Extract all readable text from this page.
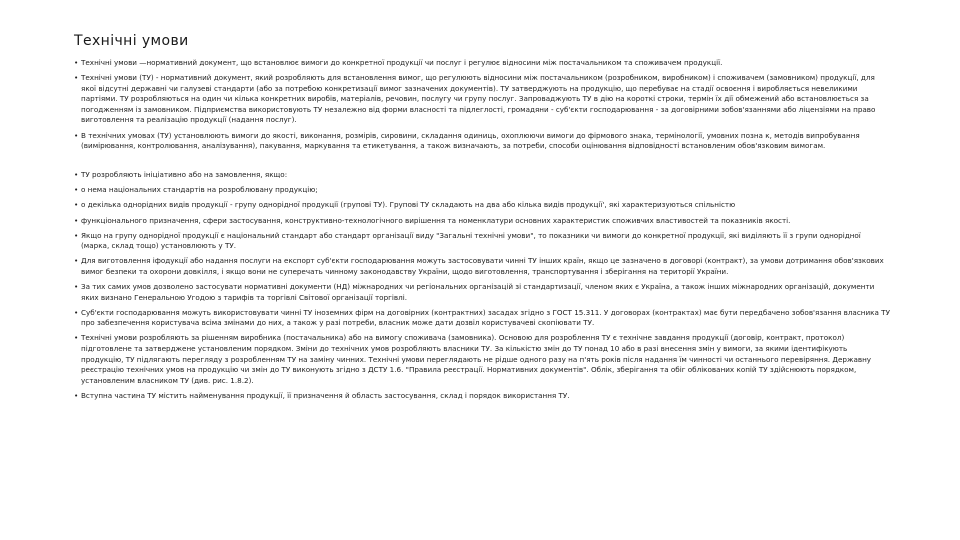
Технічні умови
• Технічні умови —нормативний документ, що встановлює вимоги до конкретної продукції чи послуг і регулює відносини між постачальником та споживачем продукції.
• Технічні умови (ТУ) - нормативний документ, який розробляють для встановлення вимог, що регулюють відносини між постачальником (розробником, виробником) і споживачем (замовником) продукції, для якої відсутні державні чи галузеві стандарти (або за потребою конкретизації вимог зазначених документів). ТУ затверджують на продукцію, що перебуває на стадії освоєння і виробляється невеликими партіями. ТУ розробляються на один чи кілька конкретних виробів, матеріалів, речовин, послугу чи групу послуг. Запроваджують ТУ в дію на короткі строки, термін їх дії обмежений або встановлюється за погодженням із замовником. Підприємства використовують ТУ незалежно від форми власності та підлеглості, громадяни - суб'єкти господарювання - за договірними зобов'язаннями або ліцензіями на право виготовлення та реалізацію продукції (надання послуг).
• В технічних умовах (ТУ) установлюють вимоги до якості, виконання, розмірів, сировини, складання одиниць, охоплюючи вимоги до фірмового знака, термінології, умовних позна к, методів випробування (вимірювання, контролювання, аналізування), пакування, маркування та етикетування, а також визначають, за потреби, способи оцінювання відповідності встановленим обов'язковим вимогам.
• ТУ розробляють ініціативно або на замовлення, якщо:
• о нема національних стандартів на розроблювану продукцію;
• о декілька однорідних видів продукції - групу однорідної продукції (групові ТУ). Групові ТУ складають на два або кілька видів продукції', які характеризуються спільністю
• функціонального призначення, сфери застосування, конструктивно-технологічного вирішення та номенклатури основних характеристик споживчих властивостей та показників якості.
• Якщо на групу однорідної продукції є національний стандарт або стандарт організації виду "Загальні технічні умови", то показники чи вимоги до конкретної продукції, які виділяють її з групи однорідної (марка, склад тощо) установлюють у ТУ.
• Для виготовлення іфодукції або надання послуги на експорт суб'єкти господарювання можуть застосовувати чинні ТУ інших країн, якщо це зазначено в договорі (контракт), за умови дотримання обов'язкових вимог безпеки та охорони довкілля, і якщо вони не суперечать чинному законодавству України, щодо виготовлення, транспортування і зберігання на території України.
• За тих самих умов дозволено застосувати нормативні документи (НД) міжнародних чи регіональних організацій зі стандартизації, членом яких є Україна, а також інших міжнародних організацій, документи яких визнано Генеральною Угодою з тарифів та торгівлі Світової організації торгівлі.
• Суб'єкти господарювання можуть використовувати чинні ТУ іноземних фірм на договірних (контрактних) засадах згідно з ГОСТ 15.311. У договорах (контрактах) має бути передбачено зобов'язання власника ТУ про забезпечення користувача всіма змінами до них, а також у разі потреби, власник може дати дозвіл користувачеві скопіювати ТУ.
• Технічні умови розробляють за рішенням виробника (постачальника) або на вимогу споживача (замовника). Основою для розроблення ТУ є технічне завдання продукції (договір, контракт, протокол) підготовлене та затверджене установленим порядком. Зміни до технічних умов розробляють власники ТУ. За кількістю змін до ТУ понад 10 або в разі внесення змін у вимоги, за якими ідентифікують продукцію, ТУ підлягають перегляду з розробленням ТУ на заміну чинних. Технічні умови переглядають не рідше одного разу на п'ять років після надання їм чинності чи останнього перевіряння. Державну реєстрацію технічних умов на продукцію чи змін до ТУ виконують згідно з ДСТУ 1.6. "Правила реєстрації. Нормативних документів". Облік, зберігання та обіг облікованих копій ТУ здійснюють порядком, установленим власником ТУ (див. рис. 1.8.2).
• Вступна частина ТУ містить найменування продукції, її призначення й область застосування, склад і порядок використання ТУ.
